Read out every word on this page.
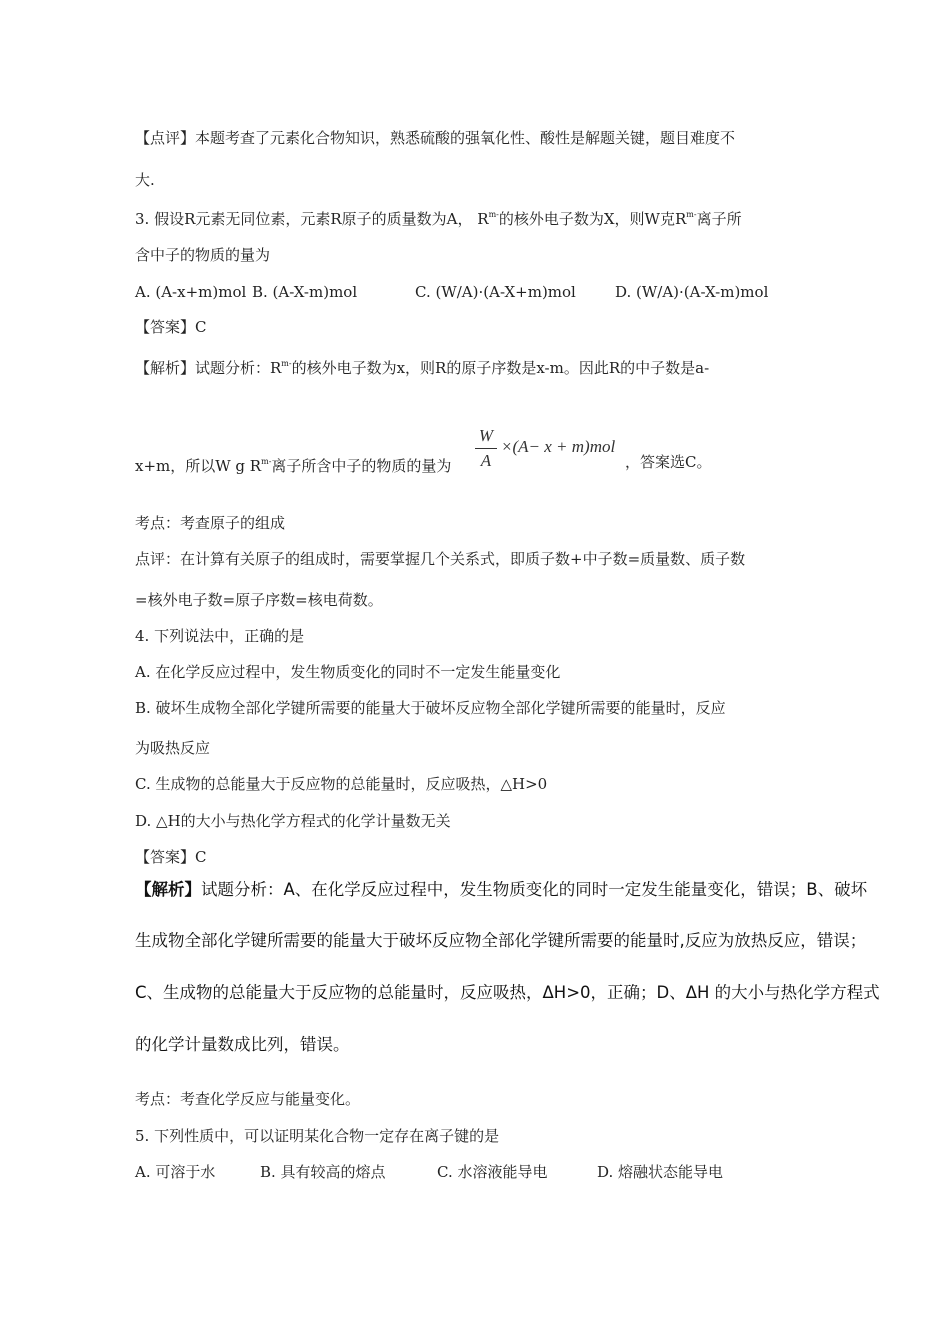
【点评】本题考查了元素化合物知识，熟悉硫酸的强氧化性、酸性是解题关键，题目难度不
大.
3. 假设R元素无同位素，元素R原子的质量数为A， $R^{m-}$的核外电子数为X，则W克$R^{m-}$离子所
含中子的物质的量为
A. (A-x+m)mol B. (A-X-m)mol	C. (W/A)·(A-X+m)mol	D. (W/A)·(A-X-m)mol
【答案】C
【解析】试题分析：$R^{m-}$的核外电子数为x，则R的原子序数是x-m。因此R的中子数是a-
x+m，所以W g $R^{m-}$离子所含中子的物质的量为
W
A
×(A− x + m)mol
，答案选C。
考点：考查原子的组成
点评：在计算有关原子的组成时，需要掌握几个关系式，即质子数+中子数=质量数、质子数
=核外电子数=原子序数=核电荷数。
4. 下列说法中，正确的是
A. 在化学反应过程中，发生物质变化的同时不一定发生能量变化
B. 破坏生成物全部化学键所需要的能量大于破坏反应物全部化学键所需要的能量时，反应
为吸热反应
C. 生成物的总能量大于反应物的总能量时，反应吸热，△H>0
D. △H的大小与热化学方程式的化学计量数无关
【答案】C
【解析】试题分析：A、在化学反应过程中，发生物质变化的同时一定发生能量变化，错误；B、破坏
生成物全部化学键所需要的能量大于破坏反应物全部化学键所需要的能量时,反应为放热反应，错误；
C、生成物的总能量大于反应物的总能量时，反应吸热，ΔH>0，正确；D、ΔH 的大小与热化学方程式
的化学计量数成比列，错误。
考点：考查化学反应与能量变化。
5. 下列性质中，可以证明某化合物一定存在离子键的是
A. 可溶于水	B. 具有较高的熔点	C. 水溶液能导电	D. 熔融状态能导电
